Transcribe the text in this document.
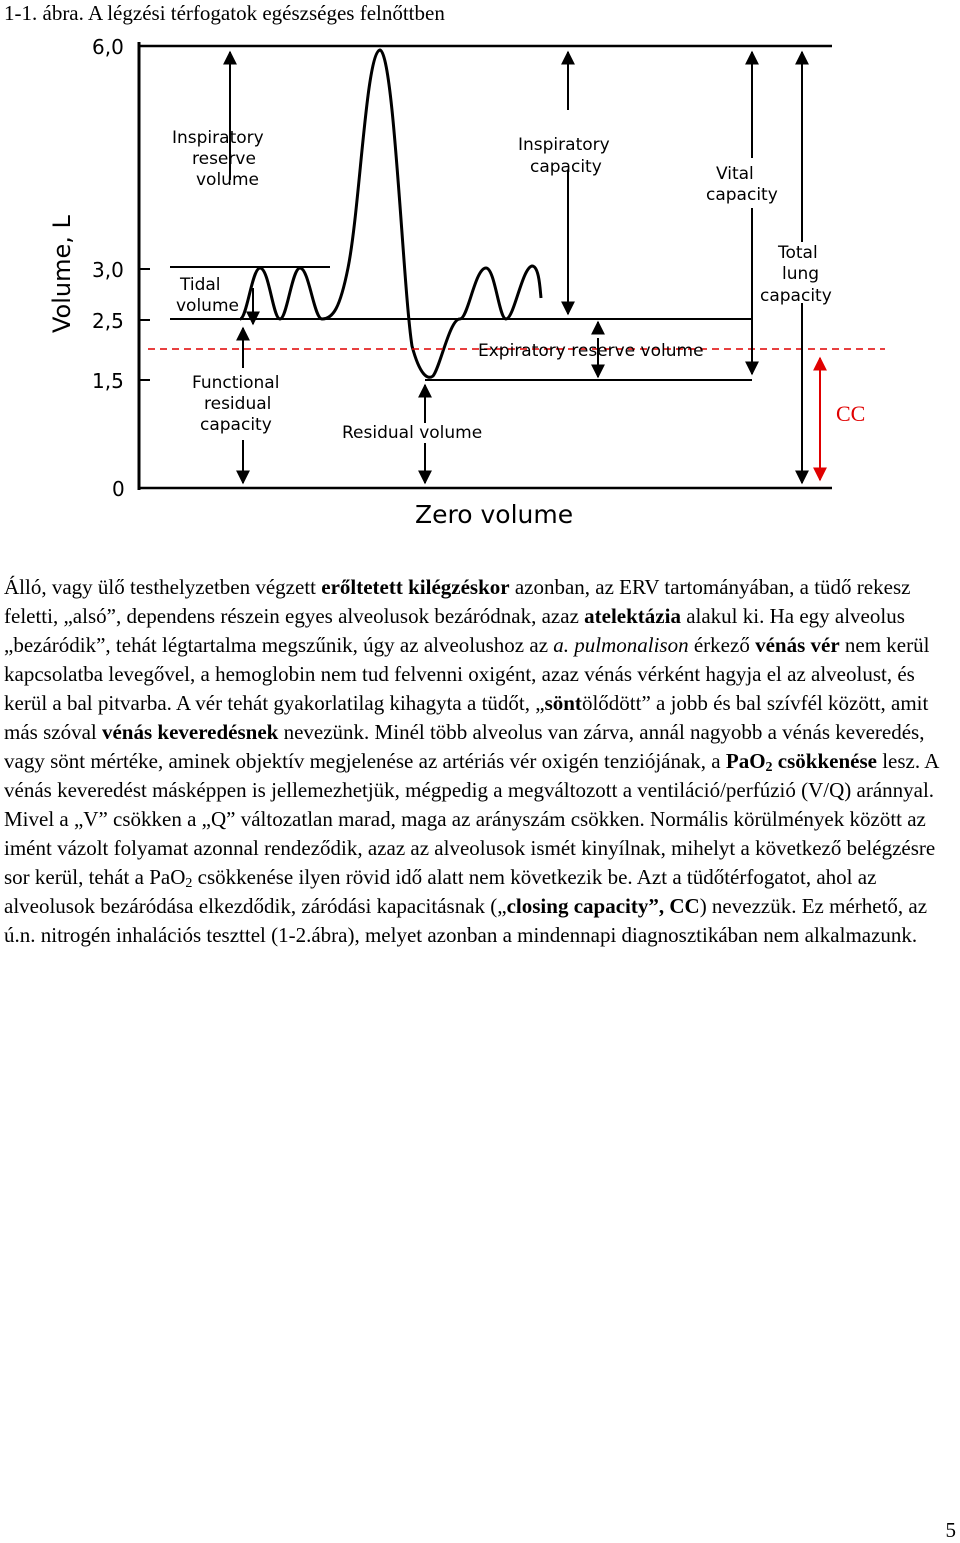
1-1. ábra. A légzési térfogatok egészséges felnőttben
6,0
3,0
2,5
1,5
0
Volume, L
Inspiratory
reserve
volume
Inspiratory
capacity	Vital
capacity
Total
lung
capacity
Tidal
volume
Functional
residual
capacity
Expiratory reserve volume
Residual volume
CC
Zero volume

Álló, vagy ülő testhelyzetben végzett erőltetett kilégzéskor azonban, az ERV tartományában, a tüdő rekesz feletti, „alsó”, dependens részein egyes alveolusok bezáródnak, azaz atelektázia alakul ki. Ha egy alveolus „bezáródik”, tehát légtartalma megszűnik, úgy az alveolushoz az a. pulmonalison érkező vénás vér nem kerül kapcsolatba levegővel, a hemoglobin nem tud felvenni oxigént, azaz vénás vérként hagyja el az alveolust, és kerül a bal pitvarba. A vér tehát gyakorlatilag kihagyta a tüdőt, „söntölődött” a jobb és bal szívfél között, amit más szóval vénás keveredésnek nevezünk. Minél több alveolus van zárva, annál nagyobb a vénás keveredés, vagy sönt mértéke, aminek objektív megjelenése az artériás vér oxigén tenziójának, a PaO$_2$ csökkenése lesz. A vénás keveredést másképpen is jellemezhetjük, mégpedig a megváltozott a ventiláció/perfúzió (V/Q) aránnyal. Mivel a „V” csökken a „Q” változatlan marad, maga az arányszám csökken. Normális körülmények között az imént vázolt folyamat azonnal rendeződik, azaz az alveolusok ismét kinyílnak, mihelyt a következő belégzésre sor kerül, tehát a PaO$_2$ csökkenése ilyen rövid idő alatt nem következik be. Azt a tüdőtérfogatot, ahol az alveolusok bezáródása elkezdődik, záródási kapacitásnak („closing capacity”, CC) nevezzük. Ez mérhető, az ú.n. nitrogén inhalációs teszttel (1-2.ábra), melyet azonban a mindennapi diagnosztikában nem alkalmazunk.

5
